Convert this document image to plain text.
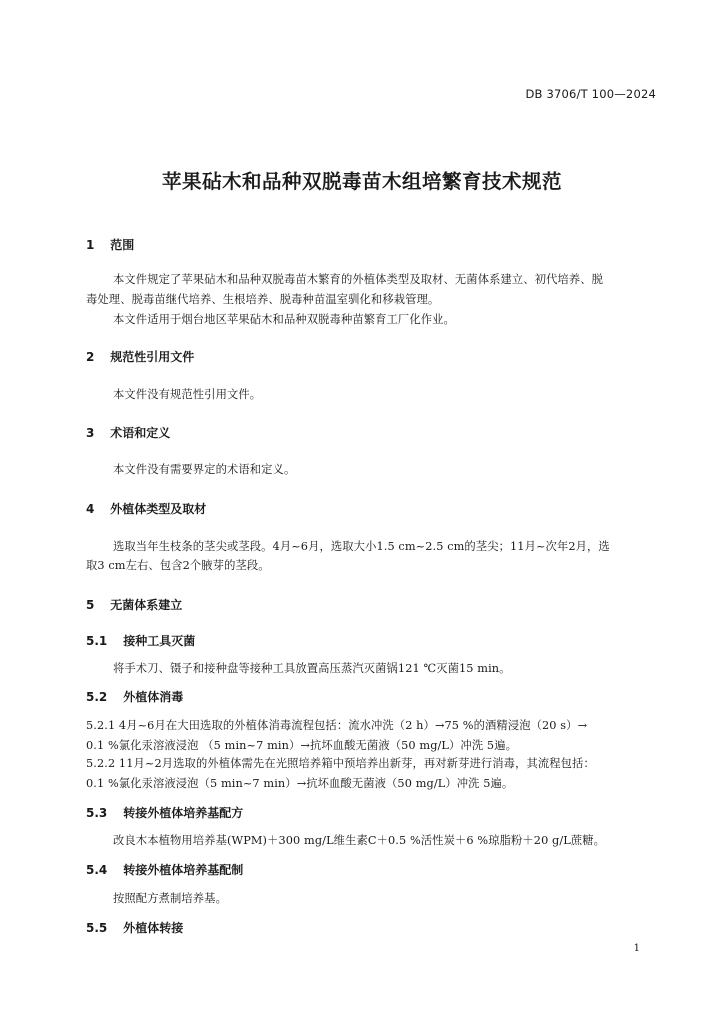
DB 3706/T 100—2024
苹果砧木和品种双脱毒苗木组培繁育技术规范
1 范围
本文件规定了苹果砧木和品种双脱毒苗木繁育的外植体类型及取材、无菌体系建立、初代培养、脱
毒处理、脱毒苗继代培养、生根培养、脱毒种苗温室驯化和移栽管理。
本文件适用于烟台地区苹果砧木和品种双脱毒种苗繁育工厂化作业。
2 规范性引用文件
本文件没有规范性引用文件。
3 术语和定义
本文件没有需要界定的术语和定义。
4 外植体类型及取材
选取当年生枝条的茎尖或茎段。4月~6月，选取大小1.5 cm~2.5 cm的茎尖；11月~次年2月，选
取3 cm左右、包含2个腋芽的茎段。
5 无菌体系建立
5.1 接种工具灭菌
将手术刀、镊子和接种盘等接种工具放置高压蒸汽灭菌锅121 ℃灭菌15 min。
5.2 外植体消毒
5.2.1 4月~6月在大田选取的外植体消毒流程包括：流水冲洗（2 h）→75 %的酒精浸泡（20 s）→
0.1 %氯化汞溶液浸泡 （5 min~7 min）→抗坏血酸无菌液（50 mg/L）冲洗 5遍。
5.2.2 11月~2月选取的外植体需先在光照培养箱中预培养出新芽，再对新芽进行消毒，其流程包括：
0.1 %氯化汞溶液浸泡（5 min~7 min）→抗坏血酸无菌液（50 mg/L）冲洗 5遍。
5.3 转接外植体培养基配方
改良木本植物用培养基(WPM)＋300 mg/L维生素C＋0.5 %活性炭＋6 %琼脂粉＋20 g/L蔗糖。
5.4 转接外植体培养基配制
按照配方煮制培养基。
5.5 外植体转接
1
